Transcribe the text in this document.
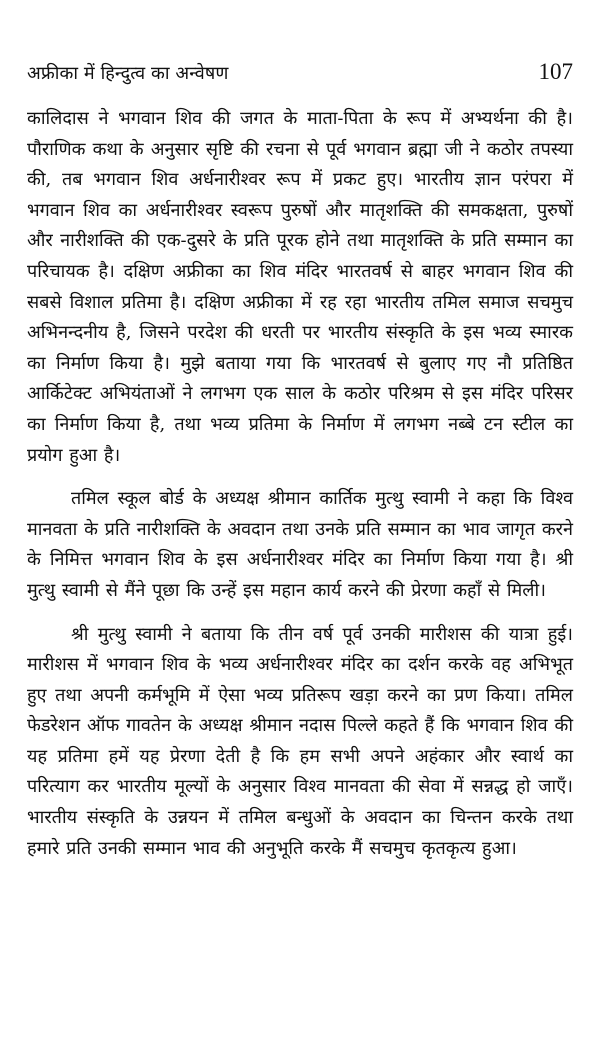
अफ्रीका में हिन्दुत्व का अन्वेषण	107

कालिदास ने भगवान शिव की जगत के माता-पिता के रूप में अभ्यर्थना की है। पौराणिक कथा के अनुसार सृष्टि की रचना से पूर्व भगवान ब्रह्मा जी ने कठोर तपस्या की, तब भगवान शिव अर्धनारीश्वर रूप में प्रकट हुए। भारतीय ज्ञान परंपरा में भगवान शिव का अर्धनारीश्वर स्वरूप पुरुषों और मातृशक्ति की समकक्षता, पुरुषों और नारीशक्ति की एक-दुसरे के प्रति पूरक होने तथा मातृशक्ति के प्रति सम्मान का परिचायक है। दक्षिण अफ्रीका का शिव मंदिर भारतवर्ष से बाहर भगवान शिव की सबसे विशाल प्रतिमा है। दक्षिण अफ्रीका में रह रहा भारतीय तमिल समाज सचमुच अभिनन्दनीय है, जिसने परदेश की धरती पर भारतीय संस्कृति के इस भव्य स्मारक का निर्माण किया है। मुझे बताया गया कि भारतवर्ष से बुलाए गए नौ प्रतिष्ठित आर्किटेक्ट अभियंताओं ने लगभग एक साल के कठोर परिश्रम से इस मंदिर परिसर का निर्माण किया है, तथा भव्य प्रतिमा के निर्माण में लगभग नब्बे टन स्टील का प्रयोग हुआ है।

तमिल स्कूल बोर्ड के अध्यक्ष श्रीमान कार्तिक मुत्थु स्वामी ने कहा कि विश्व मानवता के प्रति नारीशक्ति के अवदान तथा उनके प्रति सम्मान का भाव जागृत करने के निमित्त भगवान शिव के इस अर्धनारीश्वर मंदिर का निर्माण किया गया है। श्री मुत्थु स्वामी से मैंने पूछा कि उन्हें इस महान कार्य करने की प्रेरणा कहाँ से मिली।

श्री मुत्थु स्वामी ने बताया कि तीन वर्ष पूर्व उनकी मारीशस की यात्रा हुई। मारीशस में भगवान शिव के भव्य अर्धनारीश्वर मंदिर का दर्शन करके वह अभिभूत हुए तथा अपनी कर्मभूमि में ऐसा भव्य प्रतिरूप खड़ा करने का प्रण किया। तमिल फेडरेशन ऑफ गावतेन के अध्यक्ष श्रीमान नदास पिल्ले कहते हैं कि भगवान शिव की यह प्रतिमा हमें यह प्रेरणा देती है कि हम सभी अपने अहंकार और स्वार्थ का परित्याग कर भारतीय मूल्यों के अनुसार विश्व मानवता की सेवा में सन्नद्ध हो जाएँ। भारतीय संस्कृति के उन्नयन में तमिल बन्धुओं के अवदान का चिन्तन करके तथा हमारे प्रति उनकी सम्मान भाव की अनुभूति करके मैं सचमुच कृतकृत्य हुआ।
